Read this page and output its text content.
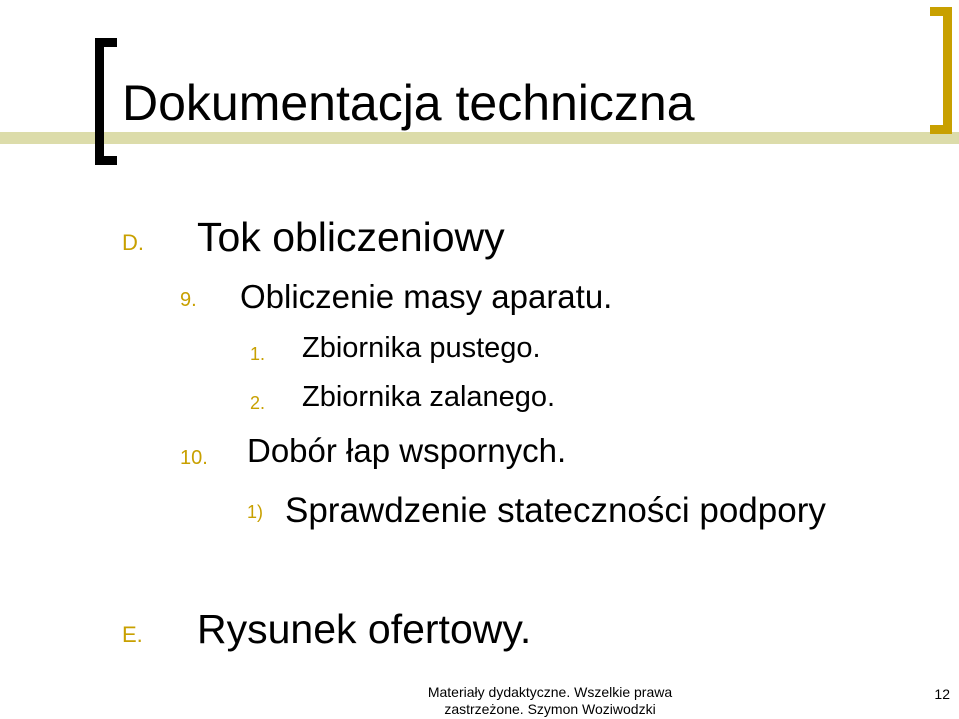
Dokumentacja techniczna
D. Tok obliczeniowy
9. Obliczenie masy aparatu.
1. Zbiornika pustego.
2. Zbiornika zalanego.
10. Dobór łap wspornych.
1) Sprawdzenie stateczności podpory
E. Rysunek ofertowy.
Materiały dydaktyczne. Wszelkie prawa
zastrzeżone. Szymon Woziwodzki
12
